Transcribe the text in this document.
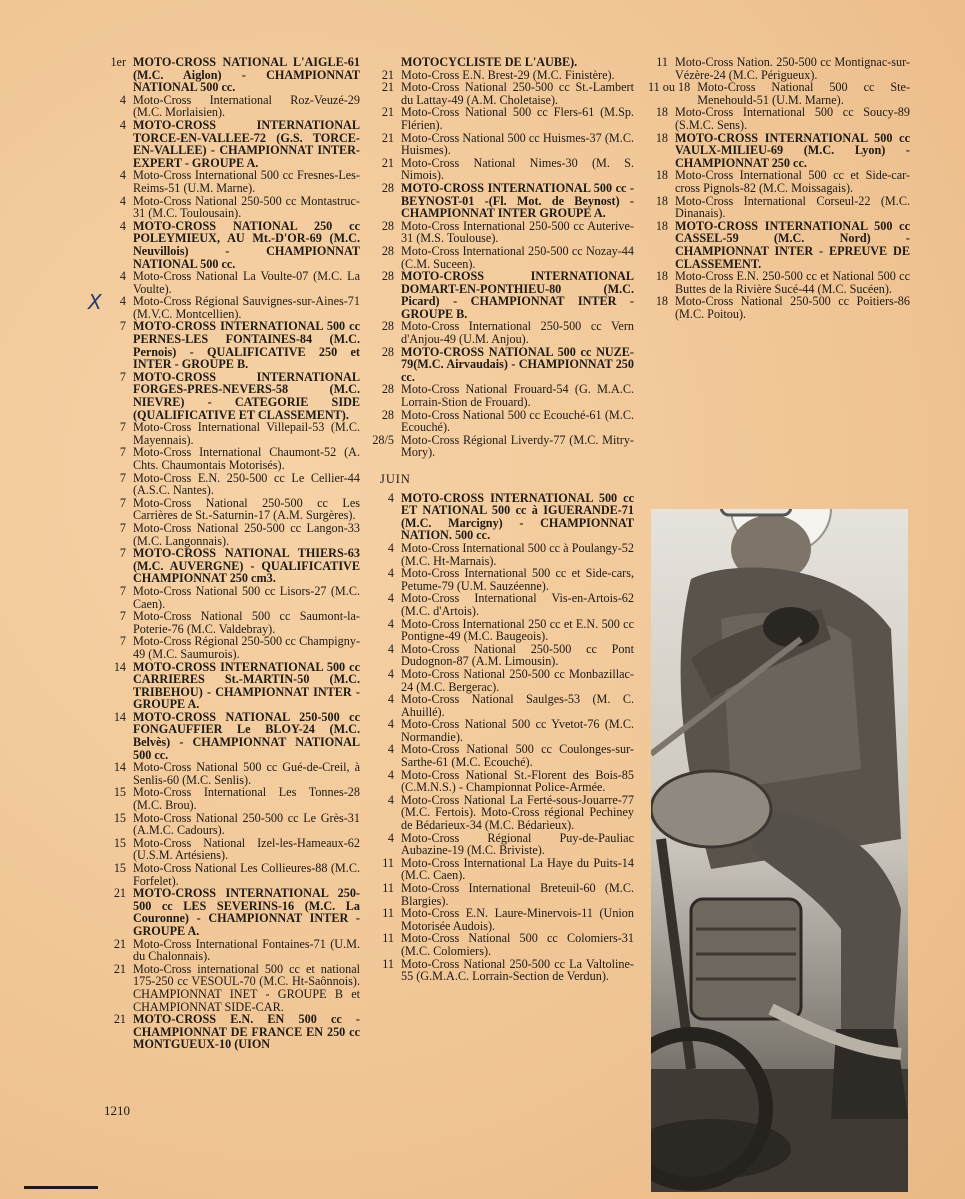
1er MOTO-CROSS NATIONAL L'AIGLE-61 (M.C. Aiglon) - CHAMPIONNAT NATIONAL 500 cc.
4 Moto-Cross International Roz-Veuzé-29 (M.C. Morlaisien).
4 MOTO-CROSS INTERNATIONAL TORCE-EN-VALLEE-72 (G.S. TORCE-EN-VALLEE) - CHAMPIONNAT INTER-EXPERT - GROUPE A.
4 Moto-Cross International 500 cc Fresnes-Les-Reims-51 (U.M. Marne).
4 Moto-Cross National 250-500 cc Montastruc-31 (M.C. Toulousain).
4 MOTO-CROSS NATIONAL 250 cc POLEYMIEUX, AU Mt.-D'OR-69 (M.C. Neuvillois) - CHAMPIONNAT NATIONAL 500 cc.
4 Moto-Cross National La Voulte-07 (M.C. La Voulte).
4 Moto-Cross Régional Sauvignes-sur-Aines-71 (M.V.C. Montcellien).
7 MOTO-CROSS INTERNATIONAL 500 cc PERNES-LES FONTAINES-84 (M.C. Pernois) - QUALIFICATIVE 250 et INTER - GROUPE B.
7 MOTO-CROSS INTERNATIONAL FORGES-PRES-NEVERS-58 (M.C. NIEVRE) - CATEGORIE SIDE (QUALIFICATIVE ET CLASSEMENT).
7 Moto-Cross International Villepail-53 (M.C. Mayennais).
7 Moto-Cross International Chaumont-52 (A. Chts. Chaumontais Motorisés).
7 Moto-Cross E.N. 250-500 cc Le Cellier-44 (A.S.C. Nantes).
7 Moto-Cross National 250-500 cc Les Carrières de St.-Saturnin-17 (A.M. Surgères).
7 Moto-Cross National 250-500 cc Langon-33 (M.C. Langonnais).
7 MOTO-CROSS NATIONAL THIERS-63 (M.C. AUVERGNE) - QUALIFICATIVE CHAMPIONNAT 250 cm3.
7 Moto-Cross National 500 cc Lisors-27 (M.C. Caen).
7 Moto-Cross National 500 cc Saumont-la-Poterie-76 (M.C. Valdebray).
7 Moto-Cross Régional 250-500 cc Champigny-49 (M.C. Saumurois).
14 MOTO-CROSS INTERNATIONAL 500 cc CARRIERES St.-MARTIN-50 (M.C. TRIBEHOU) - CHAMPIONNAT INTER - GROUPE A.
14 MOTO-CROSS NATIONAL 250-500 cc FONGAUFFIER Le BLOY-24 (M.C. Belvès) - CHAMPIONNAT NATIONAL 500 cc.
14 Moto-Cross National 500 cc Gué-de-Creil, à Senlis-60 (M.C. Senlis).
15 Moto-Cross International Les Tonnes-28 (M.C. Brou).
15 Moto-Cross National 250-500 cc Le Grès-31 (A.M.C. Cadours).
15 Moto-Cross National Izel-les-Hameaux-62 (U.S.M. Artésiens).
15 Moto-Cross National Les Collieures-88 (M.C. Forfelet).
21 MOTO-CROSS INTERNATIONAL 250-500 cc LES SEVERINS-16 (M.C. La Couronne) - CHAMPIONNAT INTER - GROUPE A.
21 Moto-Cross International Fontaines-71 (U.M. du Chalonnais).
21 Moto-Cross international 500 cc et national 175-250 cc VESOUL-70 (M.C. Ht-Saônnois). CHAMPIONNAT INET - GROUPE B et CHAMPIONNAT SIDE-CAR.
21 MOTO-CROSS E.N. EN 500 cc - CHAMPIONNAT DE FRANCE EN 250 cc MONTGUEUX-10 (UION
MOTOCYCLISTE DE L'AUBE).
21 Moto-Cross E.N. Brest-29 (M.C. Finistère).
21 Moto-Cross National 250-500 cc St.-Lambert du Lattay-49 (A.M. Choletaise).
21 Moto-Cross National 500 cc Flers-61 (M.Sp. Flérien).
21 Moto-Cross National 500 cc Huismes-37 (M.C. Huismes).
21 Moto-Cross National Nimes-30 (M. S. Nimois).
28 MOTO-CROSS INTERNATIONAL 500 cc -BEYNOST-01 -(Fl. Mot. de Beynost) - CHAMPIONNAT INTER GROUPE A.
28 Moto-Cross International 250-500 cc Auterive-31 (M.S. Toulouse).
28 Moto-Cross International 250-500 cc Nozay-44 (C.M. Suceen).
28 MOTO-CROSS INTERNATIONAL DOMART-EN-PONTHIEU-80 (M.C. Picard) - CHAMPIONNAT INTER - GROUPE B.
28 Moto-Cross International 250-500 cc Vern d'Anjou-49 (U.M. Anjou).
28 MOTO-CROSS NATIONAL 500 cc NUZE-79(M.C. Airvaudais) - CHAMPIONNAT 250 cc.
28 Moto-Cross National Frouard-54 (G. M.A.C. Lorrain-Stion de Frouard).
28 Moto-Cross National 500 cc Ecouché-61 (M.C. Ecouché).
28/5 Moto-Cross Régional Liverdy-77 (M.C. Mitry-Mory).
JUIN
4 MOTO-CROSS INTERNATIONAL 500 cc ET NATIONAL 500 cc à IGUERANDE-71 (M.C. Marcigny) - CHAMPIONNAT NATION. 500 cc.
4 Moto-Cross International 500 cc à Poulangy-52 (M.C. Ht-Marnais).
4 Moto-Cross International 500 cc et Side-cars, Petume-79 (U.M. Sauzéenne).
4 Moto-Cross International Vis-en-Artois-62 (M.C. d'Artois).
4 Moto-Cross International 250 cc et E.N. 500 cc Pontigne-49 (M.C. Baugeois).
4 Moto-Cross National 250-500 cc Pont Dudognon-87 (A.M. Limousin).
4 Moto-Cross National 250-500 cc Monbazillac-24 (M.C. Bergerac).
4 Moto-Cross National Saulges-53 (M. C. Ahuillé).
4 Moto-Cross National 500 cc Yvetot-76 (M.C. Normandie).
4 Moto-Cross National 500 cc Coulonges-sur-Sarthe-61 (M.C. Ecouché).
4 Moto-Cross National St.-Florent des Bois-85 (C.M.N.S.) - Championnat Police-Armée.
4 Moto-Cross National La Ferté-sous-Jouarre-77 (M.C. Fertois). Moto-Cross régional Pechiney de Bédarieux-34 (M.C. Bédarieux).
4 Moto-Cross Régional Puy-de-Pauliac Aubazine-19 (M.C. Briviste).
11 Moto-Cross International La Haye du Puits-14 (M.C. Caen).
11 Moto-Cross International Breteuil-60 (M.C. Blargies).
11 Moto-Cross E.N. Laure-Minervois-11 (Union Motorisée Audois).
11 Moto-Cross National 500 cc Colomiers-31 (M.C. Colomiers).
11 Moto-Cross National 250-500 cc La Valtoline-55 (G.M.A.C. Lorrain-Section de Verdun).
11 Moto-Cross Nation. 250-500 cc Montignac-sur-Vézère-24 (M.C. Périgueux).
11 ou 18 Moto-Cross National 500 cc Ste-Menehould-51 (U.M. Marne).
18 Moto-Cross International 500 cc Soucy-89 (S.M.C. Sens).
18 MOTO-CROSS INTERNATIONAL 500 cc VAULX-MILIEU-69 (M.C. Lyon) - CHAMPIONNAT 250 cc.
18 Moto-Cross International 500 cc et Side-car-cross Pignols-82 (M.C. Moissagais).
18 Moto-Cross International Corseul-22 (M.C. Dinanais).
18 MOTO-CROSS INTERNATIONAL 500 cc CASSEL-59 (M.C. Nord) - CHAMPIONNAT INTER - EPREUVE DE CLASSEMENT.
18 Moto-Cross E.N. 250-500 cc et National 500 cc Buttes de la Rivière Sucé-44 (M.C. Sucéen).
18 Moto-Cross National 250-500 cc Poitiers-86 (M.C. Poitou).
X
1210
